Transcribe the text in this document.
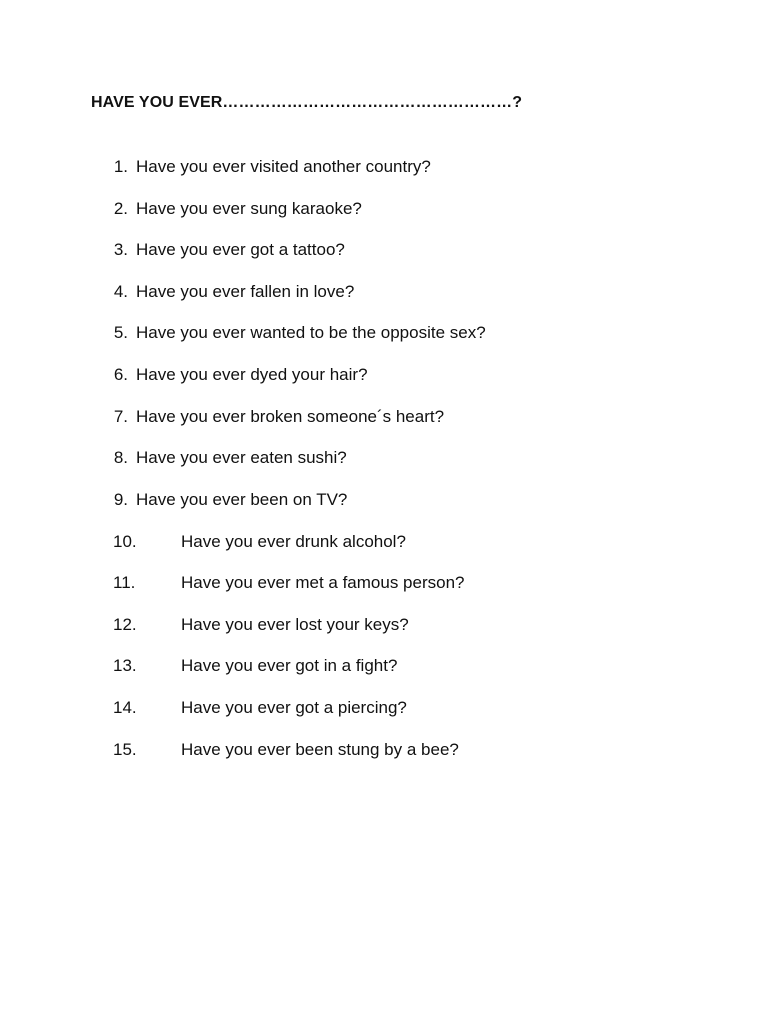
HAVE YOU EVER………………………………………………?
1. Have you ever visited another country?
2. Have you ever sung karaoke?
3. Have you ever got a tattoo?
4. Have you ever fallen in love?
5. Have you ever wanted to be the opposite sex?
6. Have you ever dyed your hair?
7. Have you ever broken someone´s heart?
8. Have you ever eaten sushi?
9. Have you ever been on TV?
10.	Have you ever drunk alcohol?
11.	Have you ever met a famous person?
12.	Have you ever lost your keys?
13.	Have you ever got in a fight?
14.	Have you ever got a piercing?
15.	Have you ever been stung by a bee?
